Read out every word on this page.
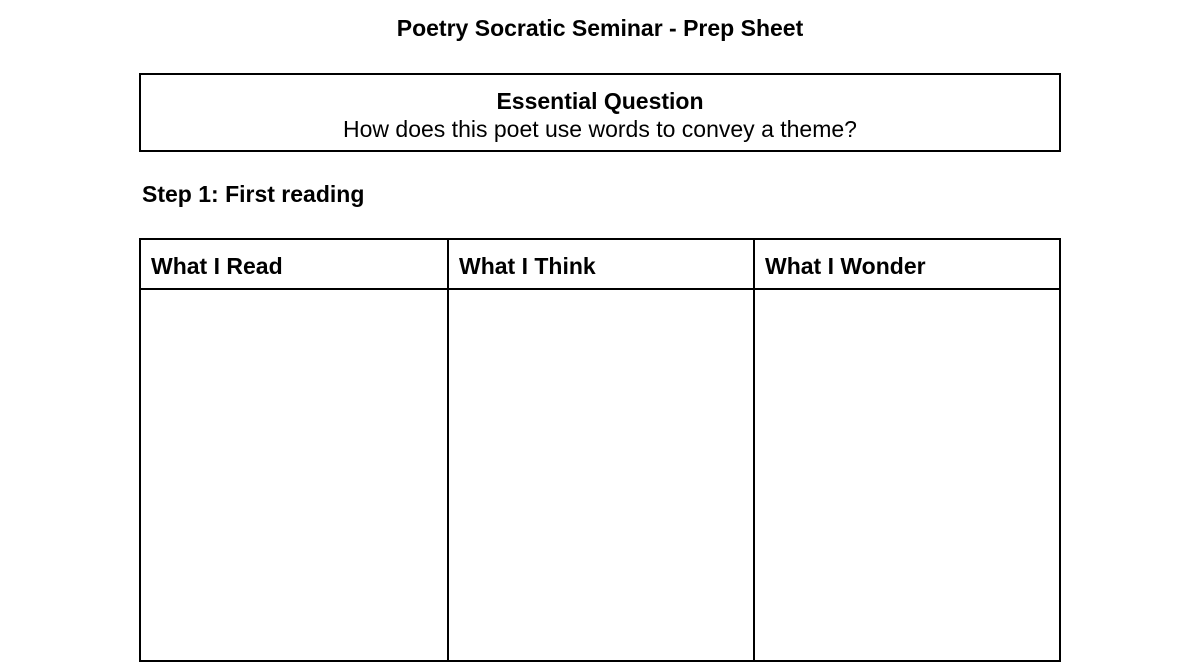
Poetry Socratic Seminar - Prep Sheet
Essential Question
How does this poet use words to convey a theme?
Step 1: First reading
What I Read	What I Think	What I Wonder
